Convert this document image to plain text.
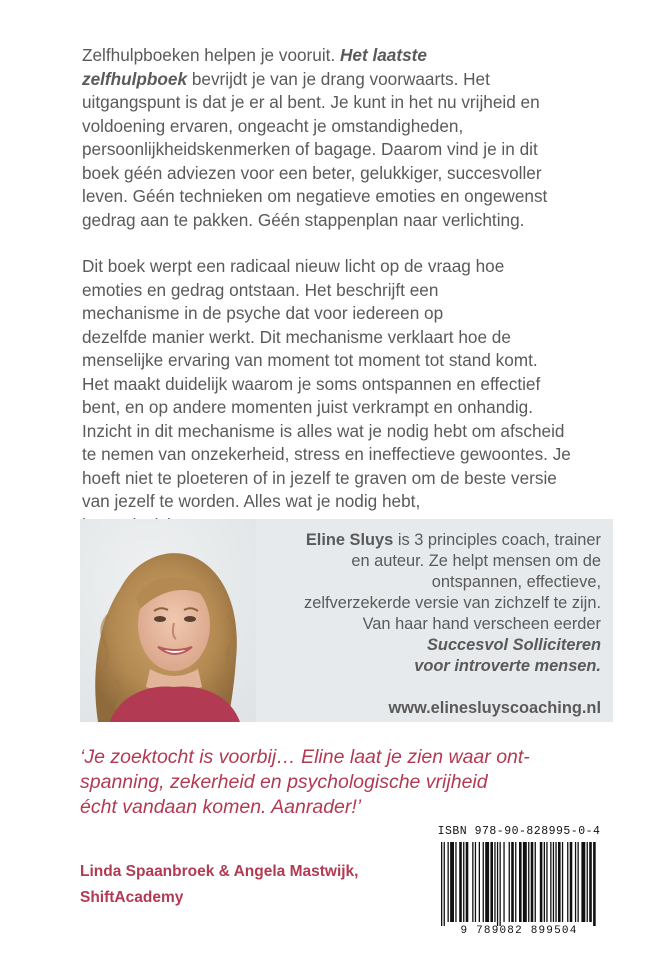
Zelfhulpboeken helpen je vooruit. Het laatste
zelfhulpboek bevrijdt je van je drang voorwaarts. Het
uitgangspunt is dat je er al bent. Je kunt in het nu vrijheid en
voldoening ervaren, ongeacht je omstandigheden,
persoonlijkheidskenmerken of bagage. Daarom vind je in dit
boek géén adviezen voor een beter, gelukkiger, succesvoller
leven. Géén technieken om negatieve emoties en ongewenst
gedrag aan te pakken. Géén stappenplan naar verlichting.

Dit boek werpt een radicaal nieuw licht op de vraag hoe
emoties en gedrag ontstaan. Het beschrijft een
mechanisme in de psyche dat voor iedereen op
dezelfde manier werkt. Dit mechanisme verklaart hoe de
menselijke ervaring van moment tot moment tot stand komt.
Het maakt duidelijk waarom je soms ontspannen en effectief
bent, en op andere momenten juist verkrampt en onhandig.
Inzicht in dit mechanisme is alles wat je nodig hebt om afscheid
te nemen van onzekerheid, stress en ineffectieve gewoontes. Je
hoeft niet te ploeteren of in jezelf te graven om de beste versie
van jezelf te worden. Alles wat je nodig hebt,

Eline Sluys is 3 principles coach, trainer
en auteur. Ze helpt mensen om de
ontspannen, effectieve,
zelfverzekerde versie van zichzelf te zijn.
Van haar hand verscheen eerder
Succesvol Solliciteren
voor introverte mensen.
www.elinesluyscoaching.nl
‘Je zoektocht is voorbij… Eline laat je zien waar ont-
spanning, zekerheid en psychologische vrijheid
écht vandaan komen. Aanrader!’
Linda Spaanbroek & Angela Mastwijk,
ShiftAcademy
ISBN 978-90-828995-0-4
9 789082 899504
